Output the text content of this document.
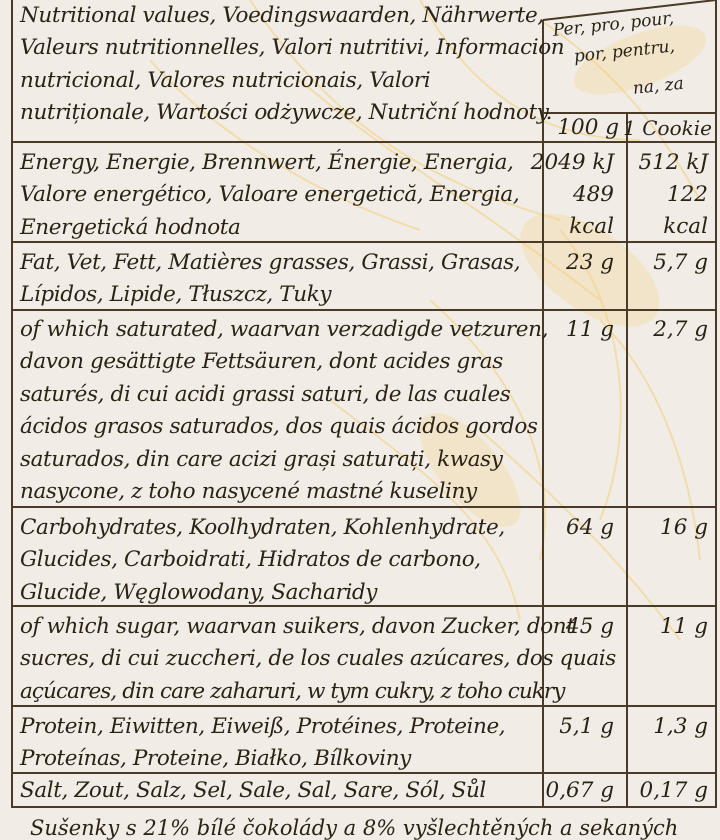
Nutritional values, Voedingswaarden, Nährwerte,
Valeurs nutritionnelles, Valori nutritivi, Informacion
nutricional, Valores nutricionais, Valori
nutriționale, Wartości odżywcze, Nutriční hodnoty.
Per, pro, pour,
por, pentru,
na, za
100 g 1 Cookie
Energy, Energie, Brennwert, Énergie, Energia,
Valore energético, Valoare energetică, Energia,
Energetická hodnota
2049 kJ
489
kcal
512 kJ
122
kcal
Fat, Vet, Fett, Matières grasses, Grassi, Grasas,
Lípidos, Lipide, Tłuszcz, Tuky
23 g 5,7 g
of which saturated, waarvan verzadigde vetzuren,
davon gesättigte Fettsäuren, dont acides gras
saturés, di cui acidi grassi saturi, de las cuales
ácidos grasos saturados, dos quais ácidos gordos
saturados, din care acizi grași saturați, kwasy
nasycone, z toho nasycené mastné kuseliny
11 g 2,7 g
Carbohydrates, Koolhydraten, Kohlenhydrate,
Glucides, Carboidrati, Hidratos de carbono,
Glucide, Węglowodany, Sacharidy
64 g 16 g
of which sugar, waarvan suikers, davon Zucker, dont
sucres, di cui zuccheri, de los cuales azúcares, dos quais
açúcares, din care zaharuri, w tym cukry, z toho cukry
45 g 11 g
Protein, Eiwitten, Eiweiß, Protéines, Proteine,
Proteínas, Proteine, Białko, Bílkoviny
5,1 g 1,3 g
Salt, Zout, Salz, Sel, Sale, Sal, Sare, Sól, Sůl	0,67 g 0,17 g
Sušenky s 21% bílé čokolády a 8% vyšlechtěných a sekaných
